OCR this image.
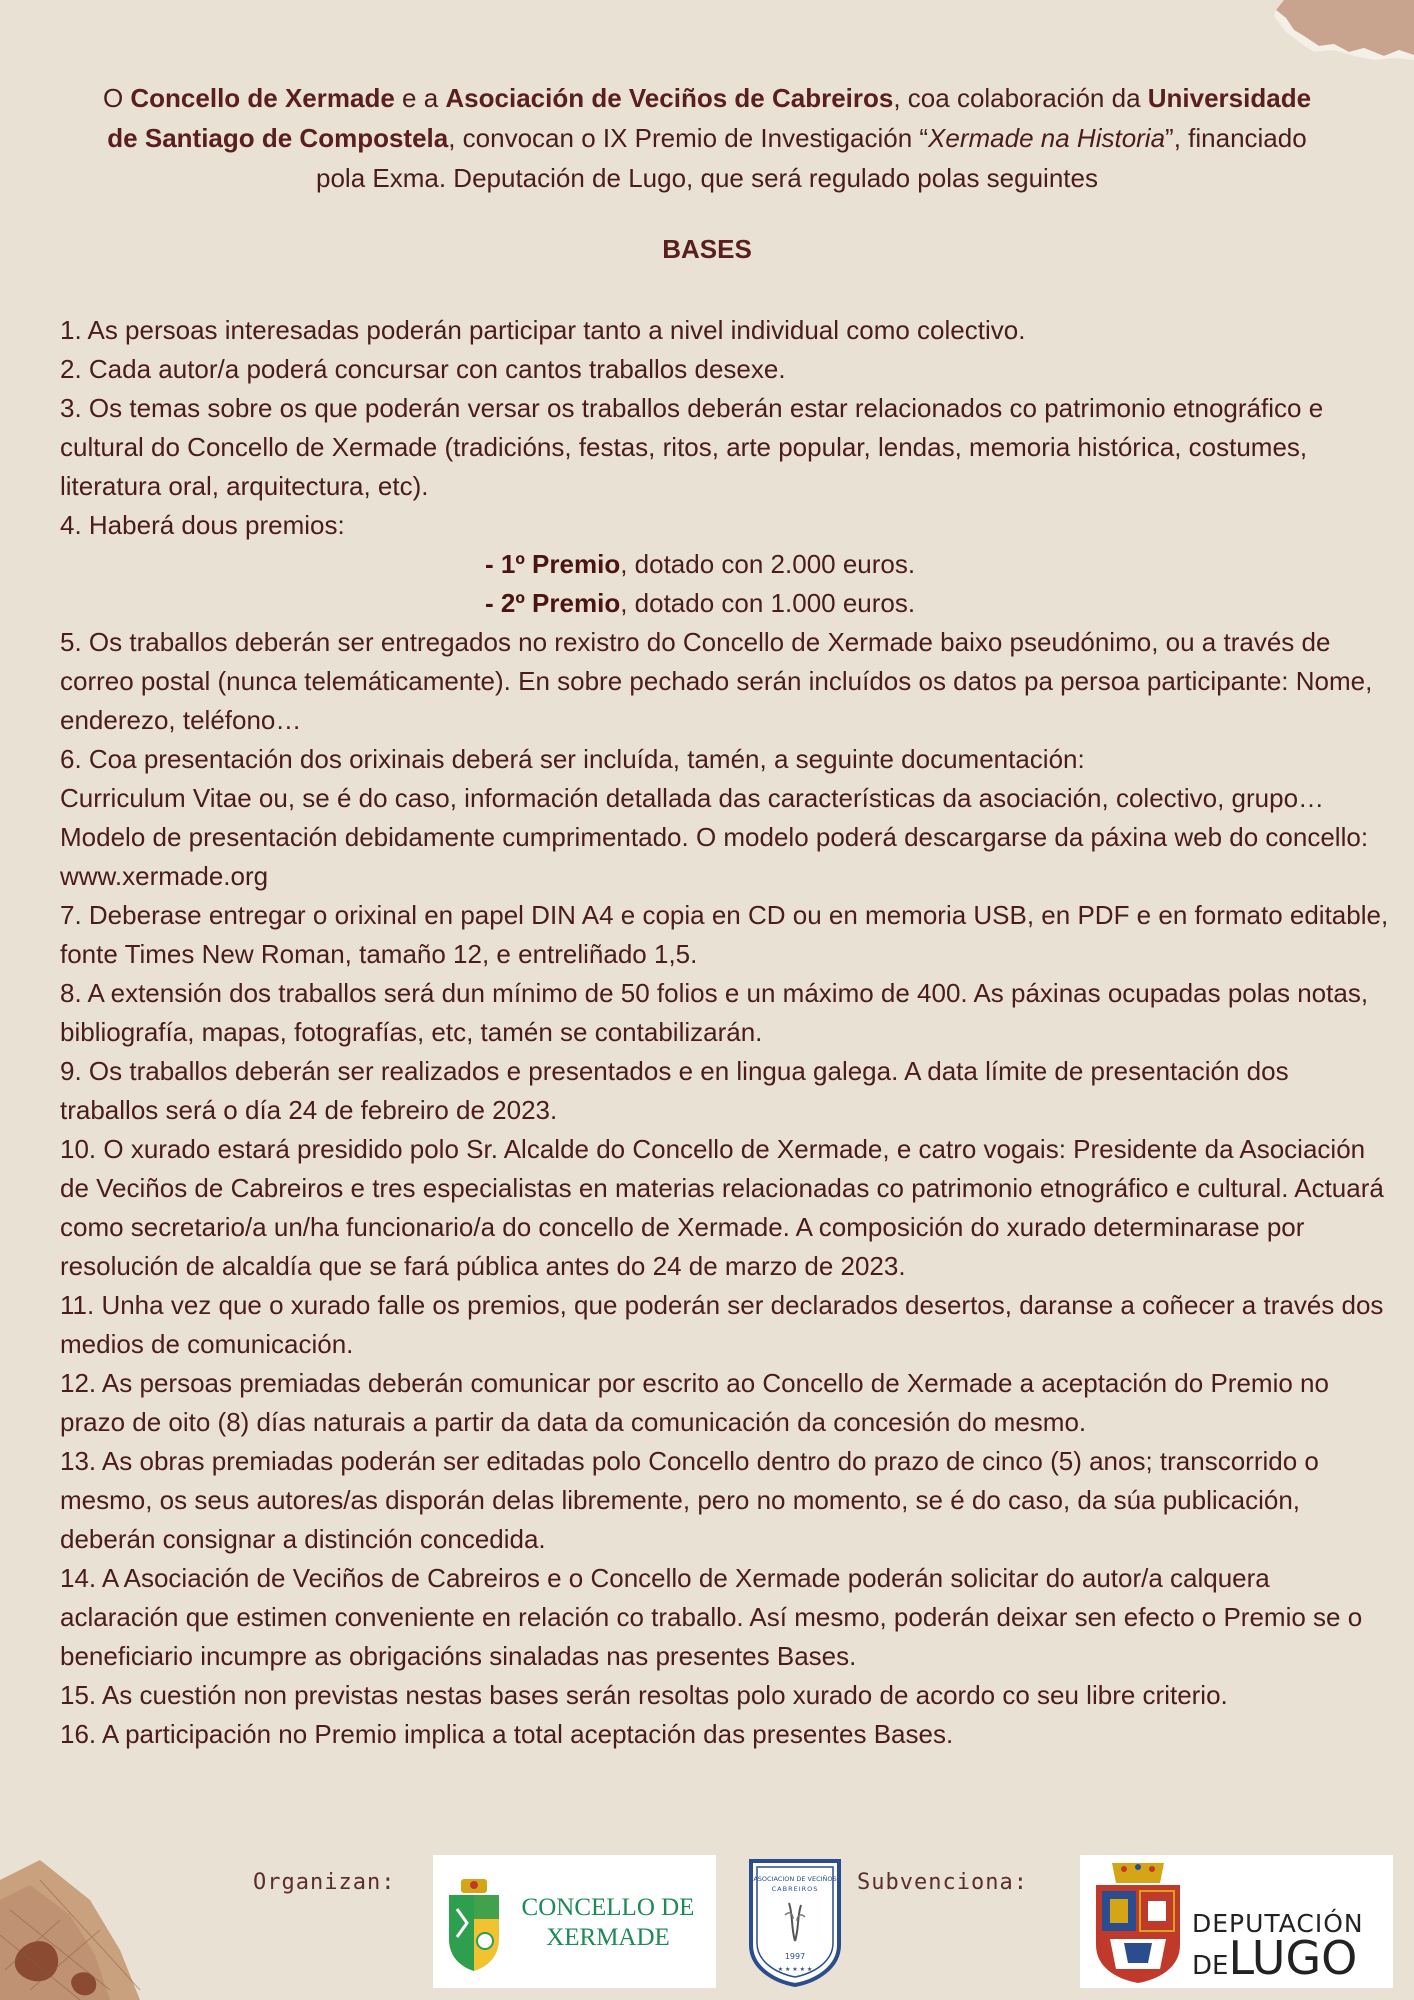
O Concello de Xermade e a Asociación de Veciños de Cabreiros, coa colaboración da Universidade de Santiago de Compostela, convocan o IX Premio de Investigación “Xermade na Historia”, financiado pola Exma. Deputación de Lugo, que será regulado polas seguintes
BASES

1. As persoas interesadas poderán participar tanto a nivel individual como colectivo.

2. Cada autor/a poderá concursar con cantos traballos desexe.

3. Os temas sobre os que poderán versar os traballos deberán estar relacionados co patrimonio etnográfico e cultural do Concello de Xermade (tradicións, festas, ritos, arte popular, lendas, memoria histórica, costumes, literatura oral, arquitectura, etc).

4. Haberá dous premios:

- 1º Premio, dotado con 2.000 euros.

- 2º Premio, dotado con 1.000 euros.

5. Os traballos deberán ser entregados no rexistro do Concello de Xermade baixo pseudónimo, ou a través de correo postal (nunca telemáticamente). En sobre pechado serán incluídos os datos pa persoa participante: Nome, enderezo, teléfono…

6. Coa presentación dos orixinais deberá ser incluída, tamén, a seguinte documentación:

Curriculum Vitae ou, se é do caso, información detallada das características da asociación, colectivo, grupo…

Modelo de presentación debidamente cumprimentado. O modelo poderá descargarse da páxina web do concello: www.xermade.org

7. Deberase entregar o orixinal en papel DIN A4 e copia en CD ou en memoria USB, en PDF e en formato editable, fonte Times New Roman, tamaño 12, e entreliñado 1,5.

8. A extensión dos traballos será dun mínimo de 50 folios e un máximo de 400. As páxinas ocupadas polas notas, bibliografía, mapas, fotografías, etc, tamén se contabilizarán.

9. Os traballos deberán ser realizados e presentados e en lingua galega. A data límite de presentación dos traballos será o día 24 de febreiro de 2023.

10. O xurado estará presidido polo Sr. Alcalde do Concello de Xermade, e catro vogais: Presidente da Asociación de Veciños de Cabreiros e tres especialistas en materias relacionadas co patrimonio etnográfico e cultural. Actuará como secretario/a un/ha funcionario/a do concello de Xermade. A composición do xurado determinarase por resolución de alcaldía que se fará pública antes do 24 de marzo de 2023.

11. Unha vez que o xurado falle os premios, que poderán ser declarados desertos, daranse a coñecer a través dos medios de comunicación.

12. As persoas premiadas deberán comunicar por escrito ao Concello de Xermade a aceptación do Premio no prazo de oito (8) días naturais a partir da data da comunicación da concesión do mesmo.

13. As obras premiadas poderán ser editadas polo Concello dentro do prazo de cinco (5) anos; transcorrido o mesmo, os seus autores/as disporán delas libremente, pero no momento, se é do caso, da súa publicación, deberán consignar a distinción concedida.

14. A Asociación de Veciños de Cabreiros e o Concello de Xermade poderán solicitar do autor/a calquera aclaración que estimen conveniente en relación co traballo. Así mesmo, poderán deixar sen efecto o Premio se o beneficiario incumpre as obrigacións sinaladas nas presentes Bases.

15. As cuestión non previstas nestas bases serán resoltas polo xurado de acordo co seu libre criterio.

16. A participación no Premio implica a total aceptación das presentes Bases.

Organizan:
CONCELLO DE
XERMADE
ASOCIACION DE VECIÑOS
CABREIROS
1997
★ ★ ★ ★ ★
Subvenciona:
DEPUTACIÓN
DELUGO
